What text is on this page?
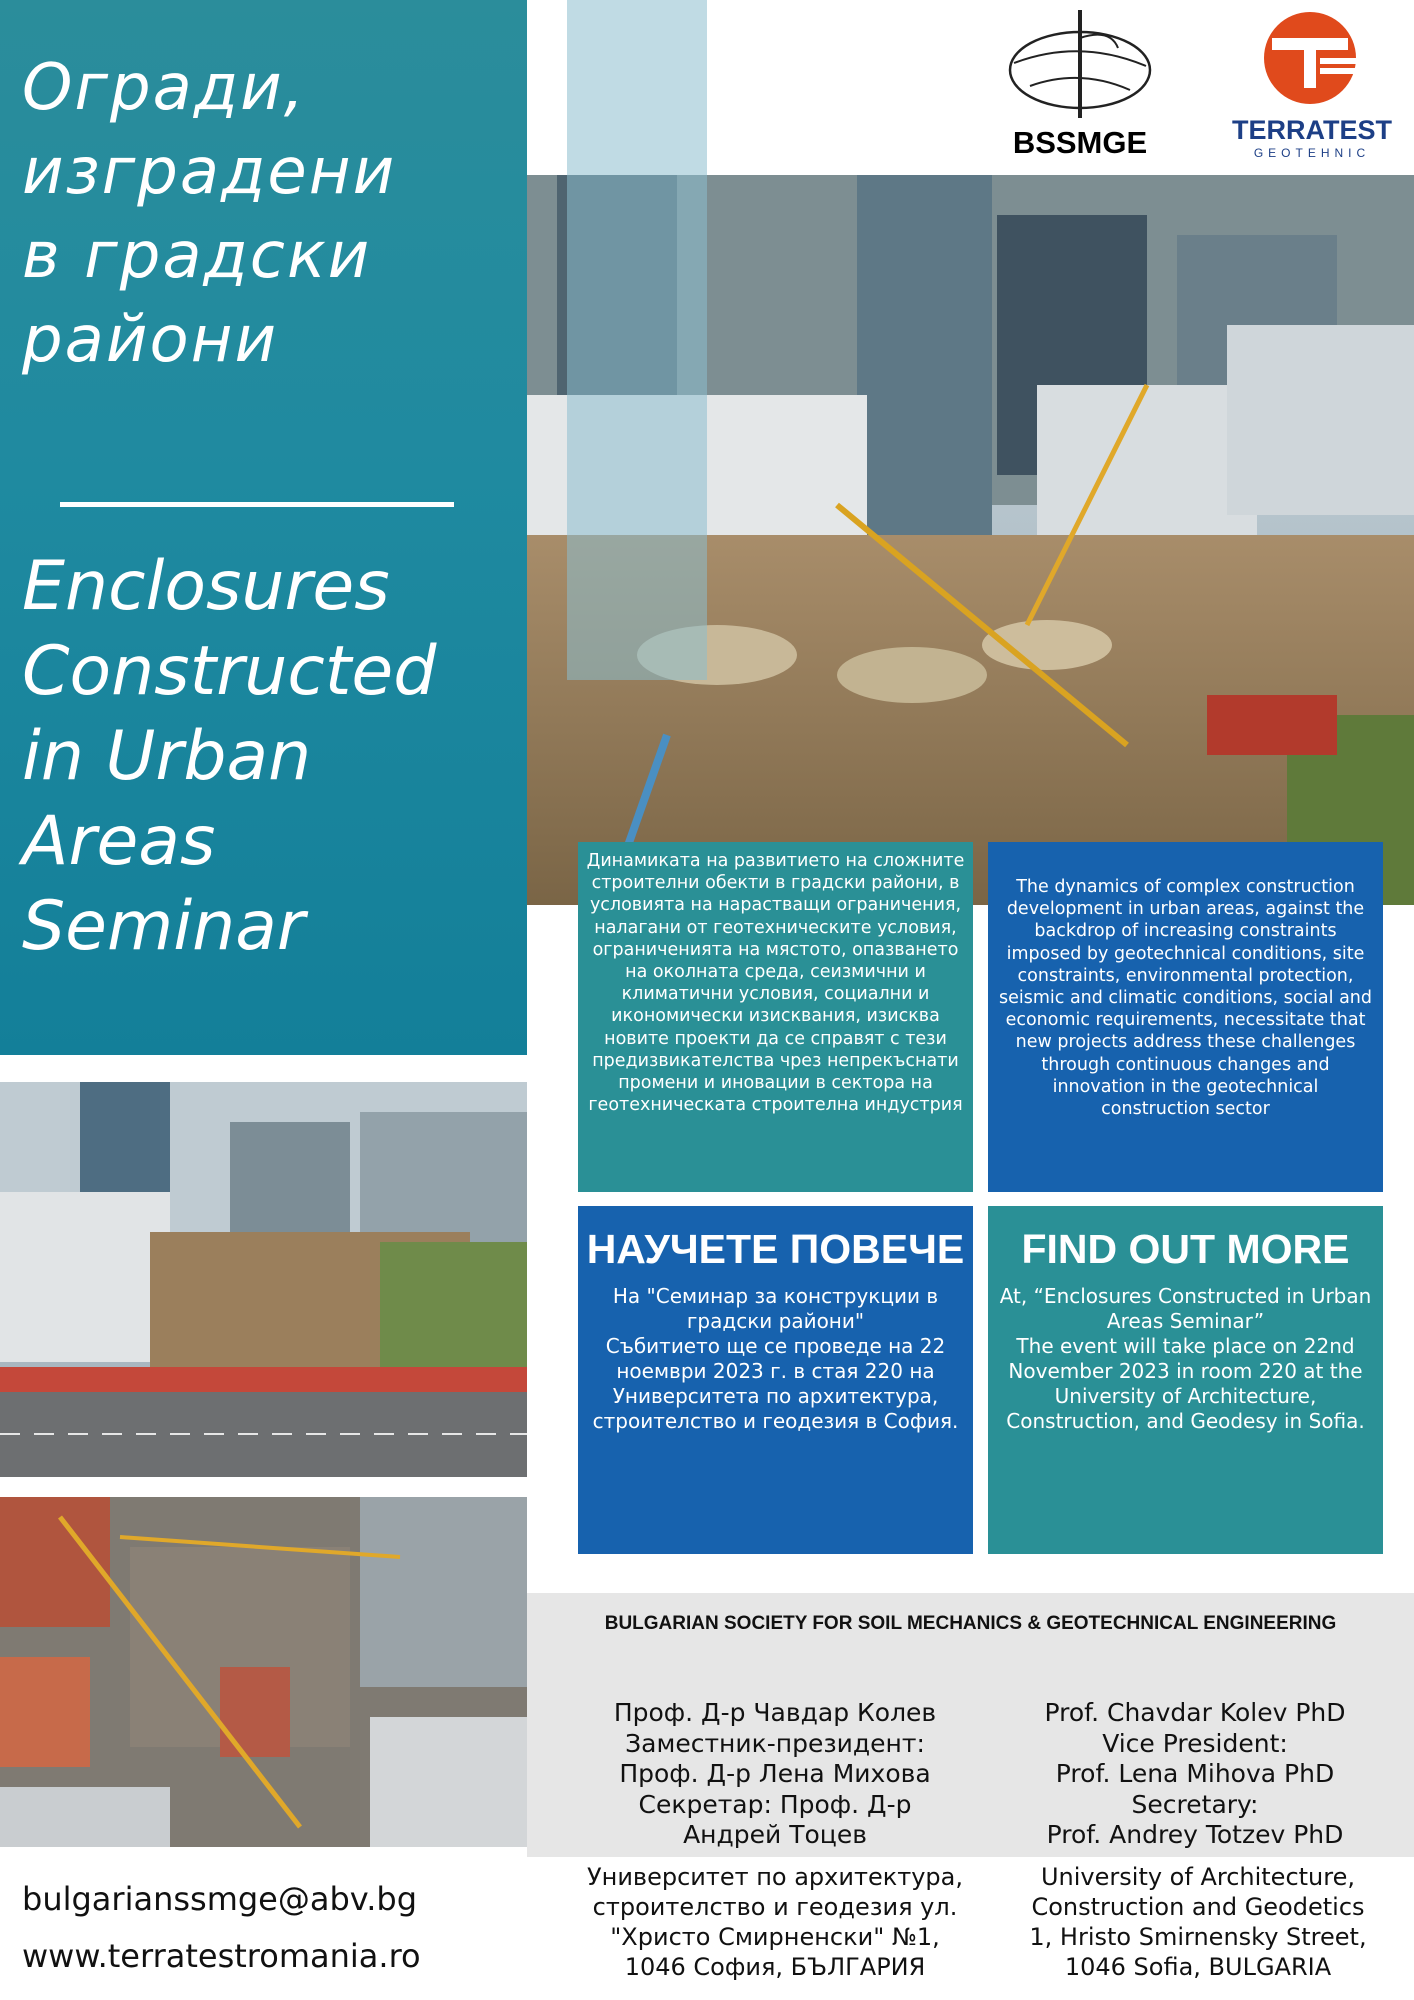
Огради,
изградени
в градски
райони

Enclosures
Constructed
in Urban
Areas
Seminar

BSSMGE	TERRATEST
GEOTEHNIC

Динамиката на развитието на сложните строителни обекти в градски райони, в условията на нарастващи ограничения, налагани от геотехническите условия, ограниченията на мястото, опазването на околната среда, сеизмични и климатични условия, социални и икономически изисквания, изисква новите проекти да се справят с тези предизвикателства чрез непрекъснати промени и иновации в сектора на геотехническата строителна индустрия

The dynamics of complex construction development in urban areas, against the backdrop of increasing constraints imposed by geotechnical conditions, site constraints, environmental protection, seismic and climatic conditions, social and economic requirements, necessitate that new projects address these challenges through continuous changes and innovation in the geotechnical construction sector

НАУЧЕТЕ ПОВЕЧЕ

На "Семинар за конструкции в градски райони"
Събитието ще се проведе на 22 ноември 2023 г. в стая 220 на Университета по архитектура, строителство и геодезия в София.

FIND OUT MORE

At, “Enclosures Constructed in Urban Areas Seminar”
The event will take place on 22nd November 2023 in room 220 at the University of Architecture, Construction, and Geodesy in Sofia.

BULGARIAN SOCIETY FOR SOIL MECHANICS & GEOTECHNICAL ENGINEERING
Проф. Д-р Чавдар Колев
Заместник-президент:
Проф. Д-р Лена Михова
Секретар: Проф. Д-р
Андрей Тоцев
Prof. Chavdar Kolev PhD
Vice President:
Prof. Lena Mihova PhD
Secretary:
Prof. Andrey Totzev PhD
Университет по архитектура,
строителство и геодезия ул.
"Христо Смирненски" №1,
1046 София, БЪЛГАРИЯ
University of Architecture,
Construction and Geodetics
1, Hristo Smirnensky Street,
1046 Sofia, BULGARIA
bulgarianssmge@abv.bg
www.terratestromania.ro
